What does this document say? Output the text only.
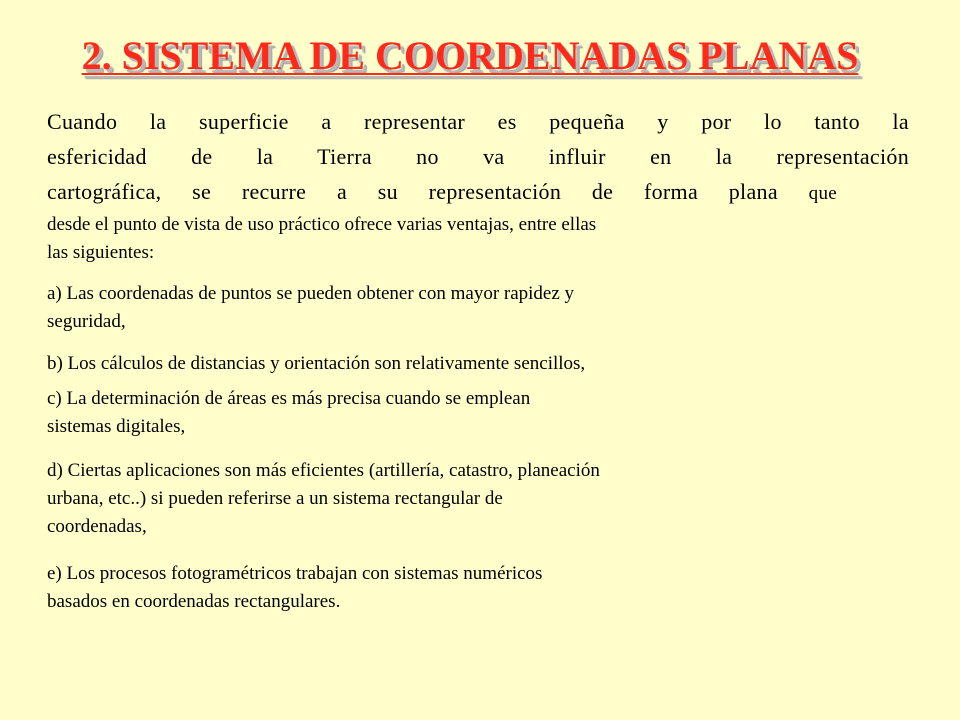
2. SISTEMA DE COORDENADAS PLANAS
Cuando la superficie a representar es pequeña y por lo tanto la
esfericidad de la Tierra no va influir en la representación
cartográfica, se recurre a su representación de forma plana que
desde el punto de vista de uso práctico ofrece varias ventajas, entre ellas
las siguientes:
a) Las coordenadas de puntos se pueden obtener con mayor rapidez y
seguridad,
b) Los cálculos de distancias y orientación son relativamente sencillos,
c) La determinación de áreas es más precisa cuando se emplean
sistemas digitales,
d) Ciertas aplicaciones son más eficientes (artillería, catastro, planeación
urbana, etc..) si pueden referirse a un sistema rectangular de
coordenadas,
e) Los procesos fotogramétricos trabajan con sistemas numéricos
basados en coordenadas rectangulares.
